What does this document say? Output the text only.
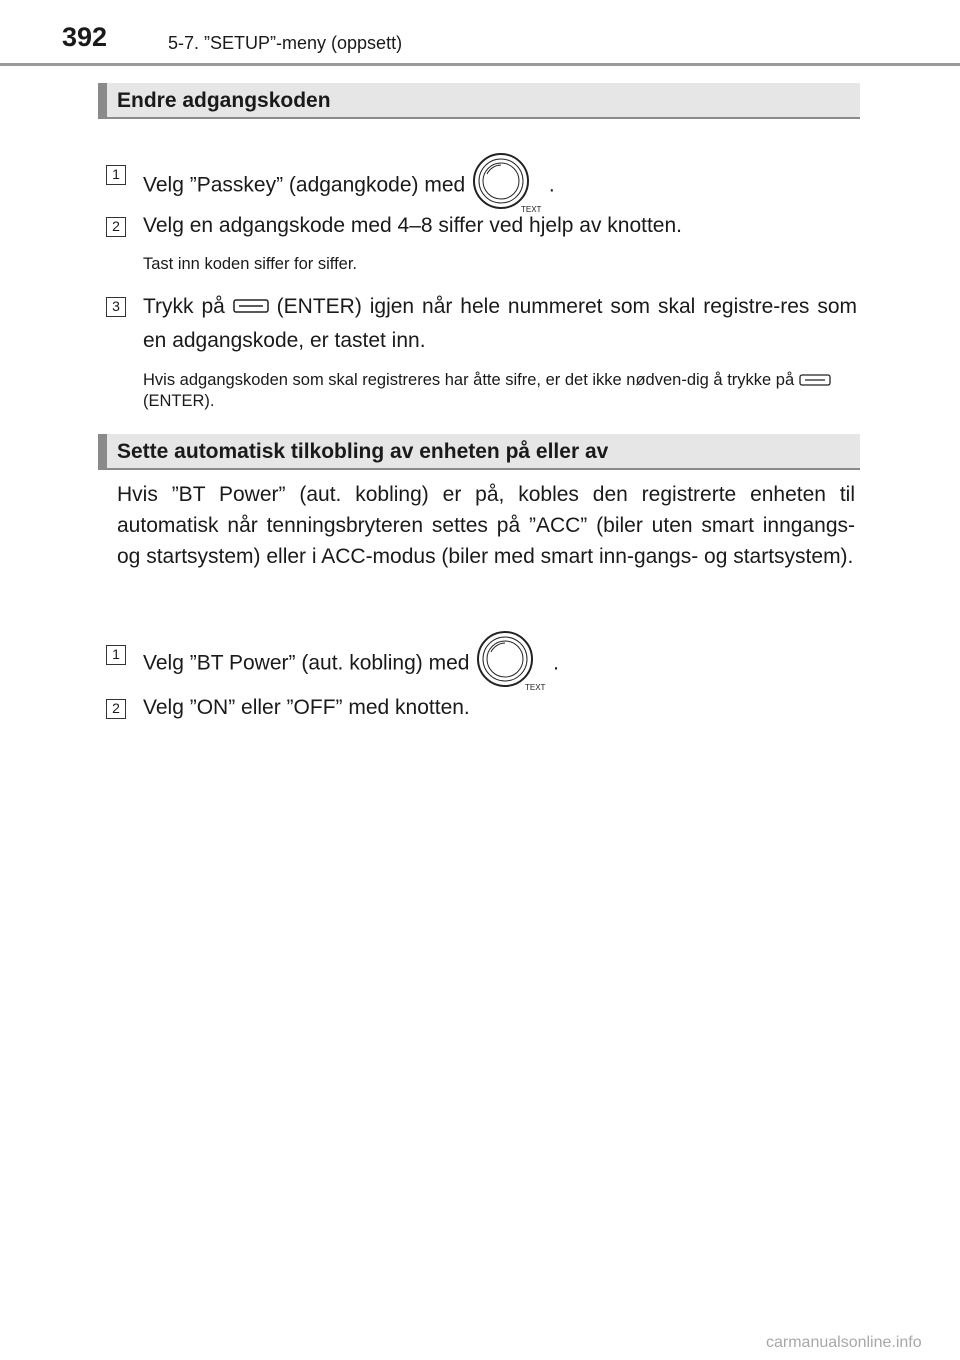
392	5-7. ”SETUP”-meny (oppsett)
Endre adgangskoden
1 Velg ”Passkey” (adgangkode) med
TEXT
.
2 Velg en adgangskode med 4–8 siffer ved hjelp av knotten.
Tast inn koden siffer for siffer.
3 Trykk på (ENTER) igjen når hele nummeret som skal registre-res som en adgangskode, er tastet inn.
Hvis adgangskoden som skal registreres har åtte sifre, er det ikke nødven-dig å trykke på  (ENTER).
Sette automatisk tilkobling av enheten på eller av
Hvis ”BT Power” (aut. kobling) er på, kobles den registrerte enheten til automatisk når tenningsbryteren settes på ”ACC” (biler uten smart inngangs- og startsystem) eller i ACC-modus (biler med smart inn-gangs- og startsystem).
1 Velg ”BT Power” (aut. kobling) med
TEXT
.
2 Velg ”ON” eller ”OFF” med knotten.
carmanualsonline.info
